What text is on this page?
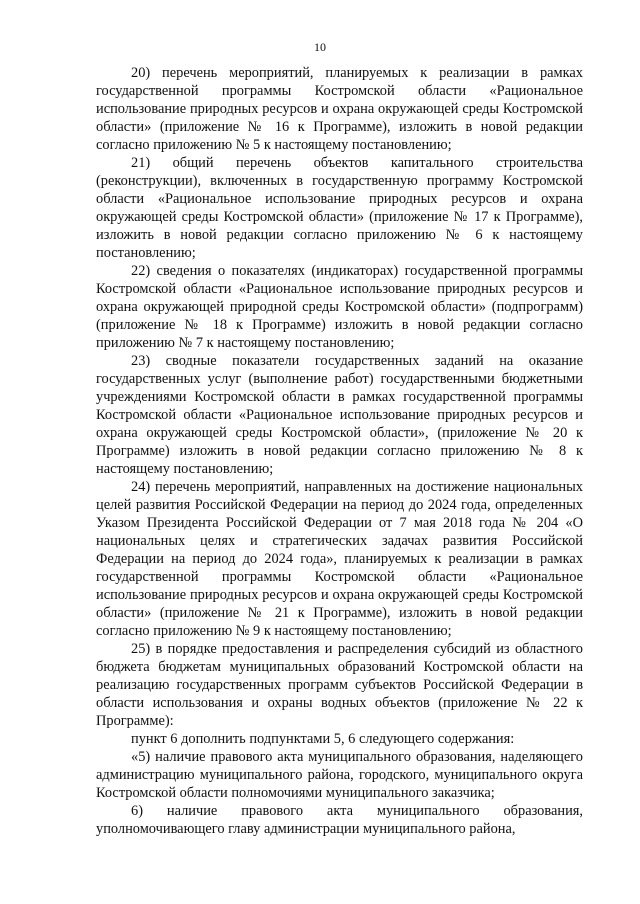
10

20) перечень мероприятий, планируемых к реализации в рамках государственной программы Костромской области «Рациональное использование природных ресурсов и охрана окружающей среды Костромской области» (приложение № 16 к Программе), изложить в новой редакции согласно приложению № 5 к настоящему постановлению;

21) общий перечень объектов капитального строительства (реконструкции), включенных в государственную программу Костромской области «Рациональное использование природных ресурсов и охрана окружающей среды Костромской области» (приложение № 17 к Программе), изложить в новой редакции согласно приложению № 6 к настоящему постановлению;

22) сведения о показателях (индикаторах) государственной программы Костромской области «Рациональное использование природных ресурсов и охрана окружающей природной среды Костромской области» (подпрограмм) (приложение № 18 к Программе) изложить в новой редакции согласно приложению № 7 к настоящему постановлению;

23) сводные показатели государственных заданий на оказание государственных услуг (выполнение работ) государственными бюджетными учреждениями Костромской области в рамках государственной программы Костромской области «Рациональное использование природных ресурсов и охрана окружающей среды Костромской области», (приложение № 20 к Программе) изложить в новой редакции согласно приложению № 8 к настоящему постановлению;

24) перечень мероприятий, направленных на достижение национальных целей развития Российской Федерации на период до 2024 года, определенных Указом Президента Российской Федерации от 7 мая 2018 года № 204 «О национальных целях и стратегических задачах развития Российской Федерации на период до 2024 года», планируемых к реализации в рамках государственной программы Костромской области «Рациональное использование природных ресурсов и охрана окружающей среды Костромской области» (приложение № 21 к Программе), изложить в новой редакции согласно приложению № 9 к настоящему постановлению;

25) в порядке предоставления и распределения субсидий из областного бюджета бюджетам муниципальных образований Костромской области на реализацию государственных программ субъектов Российской Федерации в области использования и охраны водных объектов (приложение № 22 к Программе):

пункт 6 дополнить подпунктами 5, 6 следующего содержания:

«5) наличие правового акта муниципального образования, наделяющего администрацию муниципального района, городского, муниципального округа Костромской области полномочиями муниципального заказчика;

6) наличие правового акта муниципального образования, уполномочивающего главу администрации муниципального района,
